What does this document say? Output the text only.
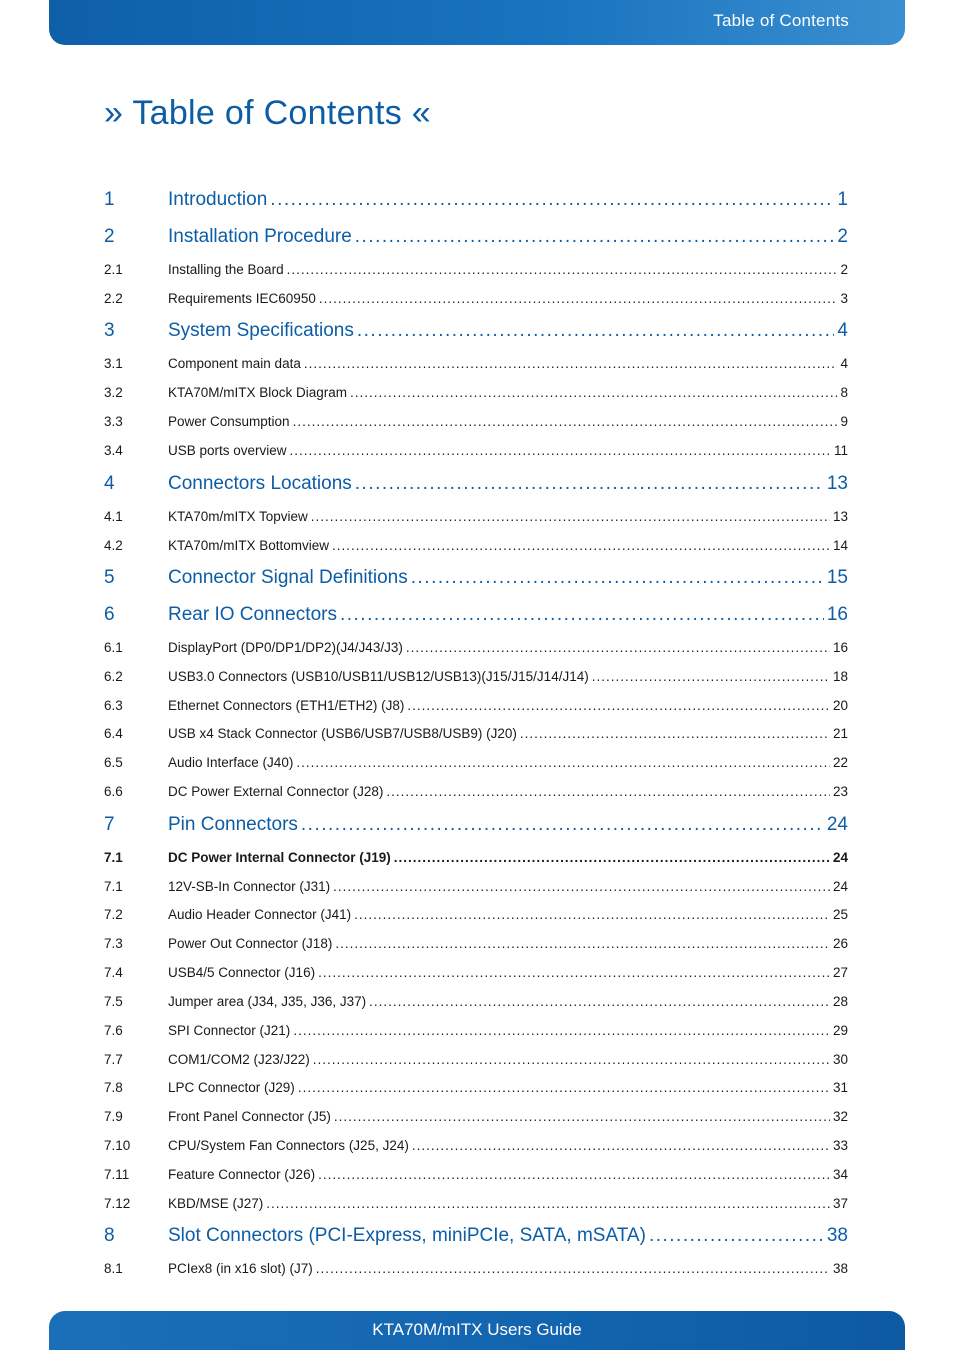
Table of Contents
» Table of Contents «
1	Introduction .....	1
2	Installation Procedure .....	2
2.1	Installing the Board .....	2
2.2	Requirements IEC60950 .....	3
3	System Specifications .....	4
3.1	Component main data .....	4
3.2	KTA70M/mITX Block Diagram .....	8
3.3	Power Consumption .....	9
3.4	USB ports overview .....	11
4	Connectors Locations .....	13
4.1	KTA70m/mITX Topview .....	13
4.2	KTA70m/mITX Bottomview .....	14
5	Connector Signal Definitions .....	15
6	Rear IO Connectors .....	16
6.1	DisplayPort (DP0/DP1/DP2)(J4/J43/J3) .....	16
6.2	USB3.0 Connectors (USB10/USB11/USB12/USB13)(J15/J15/J14/J14) .....	18
6.3	Ethernet Connectors (ETH1/ETH2) (J8) .....	20
6.4	USB x4 Stack Connector (USB6/USB7/USB8/USB9) (J20) .....	21
6.5	Audio Interface (J40) .....	22
6.6	DC Power External Connector (J28) .....	23
7	Pin Connectors .....	24
7.1	DC Power Internal Connector (J19) .....	24
7.1	12V-SB-In Connector (J31) .....	24
7.2	Audio Header Connector (J41) .....	25
7.3	Power Out Connector (J18) .....	26
7.4	USB4/5 Connector (J16) .....	27
7.5	Jumper area (J34, J35, J36, J37) .....	28
7.6	SPI Connector (J21) .....	29
7.7	COM1/COM2 (J23/J22) .....	30
7.8	LPC Connector (J29) .....	31
7.9	Front Panel Connector (J5) .....	32
7.10	CPU/System Fan Connectors (J25, J24) .....	33
7.11	Feature Connector (J26) .....	34
7.12	KBD/MSE (J27) .....	37
8	Slot Connectors (PCI-Express, miniPCIe, SATA, mSATA) .....	38
8.1	PCIex8 (in x16 slot) (J7) .....	38
KTA70M/mITX Users Guide
